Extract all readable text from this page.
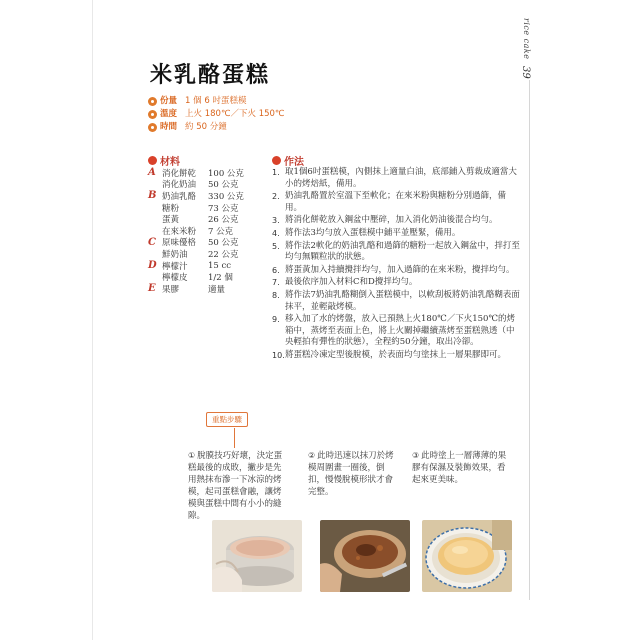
rice cake
39
米乳酪蛋糕
份量 1 個 6 吋蛋糕模
溫度 上火 180℃／下火 150℃
時間 約 50 分鐘
材料
A 消化餅乾	100 公克
消化奶油	50 公克
B 奶油乳酪	330 公克
糖粉	73 公克
蛋黃	26 公克
在來米粉	7 公克
C 原味優格	50 公克
鮮奶油	22 公克
D 檸檬汁	15 cc
檸檬皮	1/2 個
E 果膠	適量
作法
1. 取1個6吋蛋糕模，內側抹上適量白油，底部鋪入剪裁成適當大小的烤焙紙，備用。
2. 奶油乳酪置於室溫下至軟化；在來米粉與糖粉分別過篩，備用。
3. 將消化餅乾放入鋼盆中壓碎，加入消化奶油後混合均勻。
4. 將作法3均勻放入蛋糕模中鋪平並壓緊，備用。
5. 將作法2軟化的奶油乳酪和過篩的糖粉一起放入鋼盆中，拌打至均勻無顆粒狀的狀態。
6. 將蛋黃加入持續攪拌均勻，加入過篩的在來米粉，攪拌均勻。
7. 最後依序加入材料C和D攪拌均勻。
8. 將作法7奶油乳酪糊倒入蛋糕模中，以軟刮板將奶油乳酪糊表面抹平，並輕敲烤模。
9. 移入加了水的烤盤，放入已預熱上火180℃／下火150℃的烤箱中，蒸烤至表面上色，將上火關掉繼續蒸烤至蛋糕熟透（中央輕拍有彈性的狀態），全程約50分鐘，取出冷卻。
10. 將蛋糕冷凍定型後脫模，於表面均勻塗抹上一層果膠即可。
重點步驟
① 脫膜技巧好壞，決定蛋糕最後的成敗，撇步是先用熱抹布滲一下冰涼的烤模，起司蛋糕會融，讓烤模與蛋糕中間有小小的縫隙。
② 此時迅速以抹刀於烤模周圍畫一圈後，倒扣，慢慢脫模形狀才會完整。
③ 此時塗上一層薄薄的果膠有保濕及裝飾效果，看起來更美味。
